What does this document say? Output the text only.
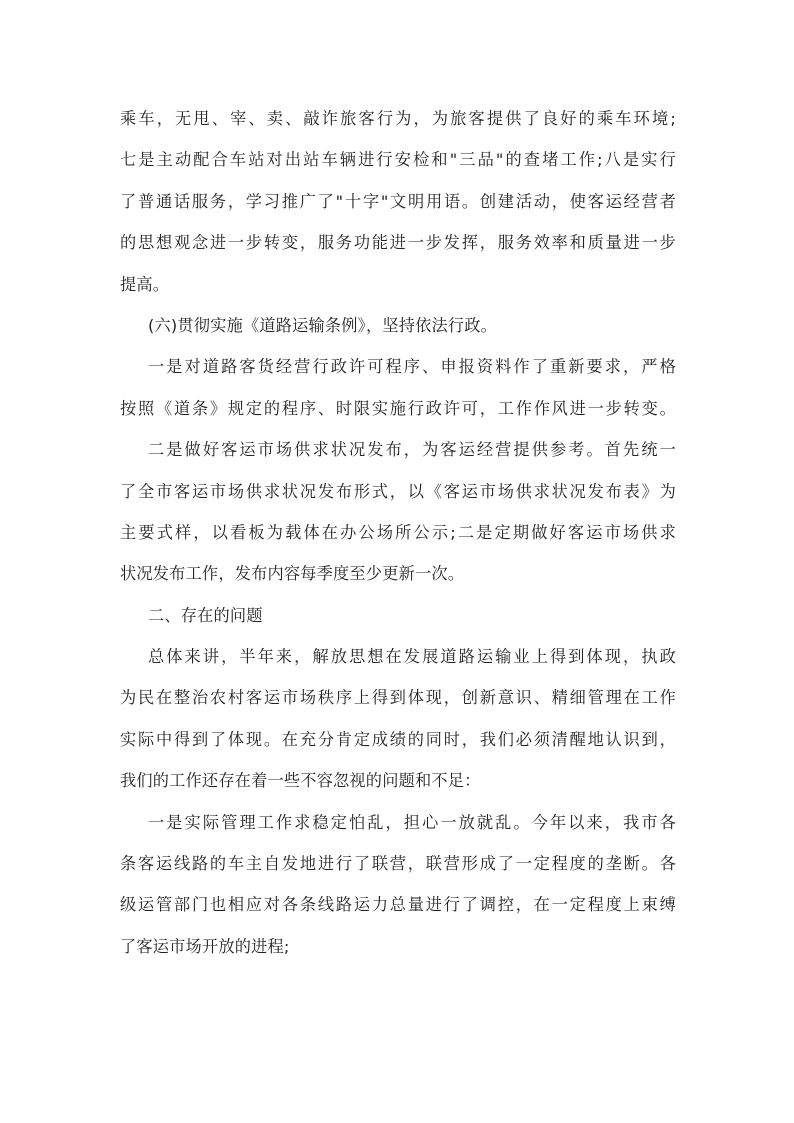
乘车，无甩、宰、卖、敲诈旅客行为，为旅客提供了良好的乘车环境;
七是主动配合车站对出站车辆进行安检和"三品"的查堵工作;八是实行
了普通话服务，学习推广了"十字"文明用语。创建活动，使客运经营者
的思想观念进一步转变，服务功能进一步发挥，服务效率和质量进一步
提高。
(六)贯彻实施《道路运输条例》，坚持依法行政。
一是对道路客货经营行政许可程序、申报资料作了重新要求，严格
按照《道条》规定的程序、时限实施行政许可，工作作风进一步转变。
二是做好客运市场供求状况发布，为客运经营提供参考。首先统一
了全市客运市场供求状况发布形式，以《客运市场供求状况发布表》为
主要式样，以看板为载体在办公场所公示;二是定期做好客运市场供求
状况发布工作，发布内容每季度至少更新一次。
二、存在的问题
总体来讲，半年来，解放思想在发展道路运输业上得到体现，执政
为民在整治农村客运市场秩序上得到体现，创新意识、精细管理在工作
实际中得到了体现。在充分肯定成绩的同时，我们必须清醒地认识到，
我们的工作还存在着一些不容忽视的问题和不足：
一是实际管理工作求稳定怕乱，担心一放就乱。今年以来，我市各
条客运线路的车主自发地进行了联营，联营形成了一定程度的垄断。各
级运管部门也相应对各条线路运力总量进行了调控，在一定程度上束缚
了客运市场开放的进程;
